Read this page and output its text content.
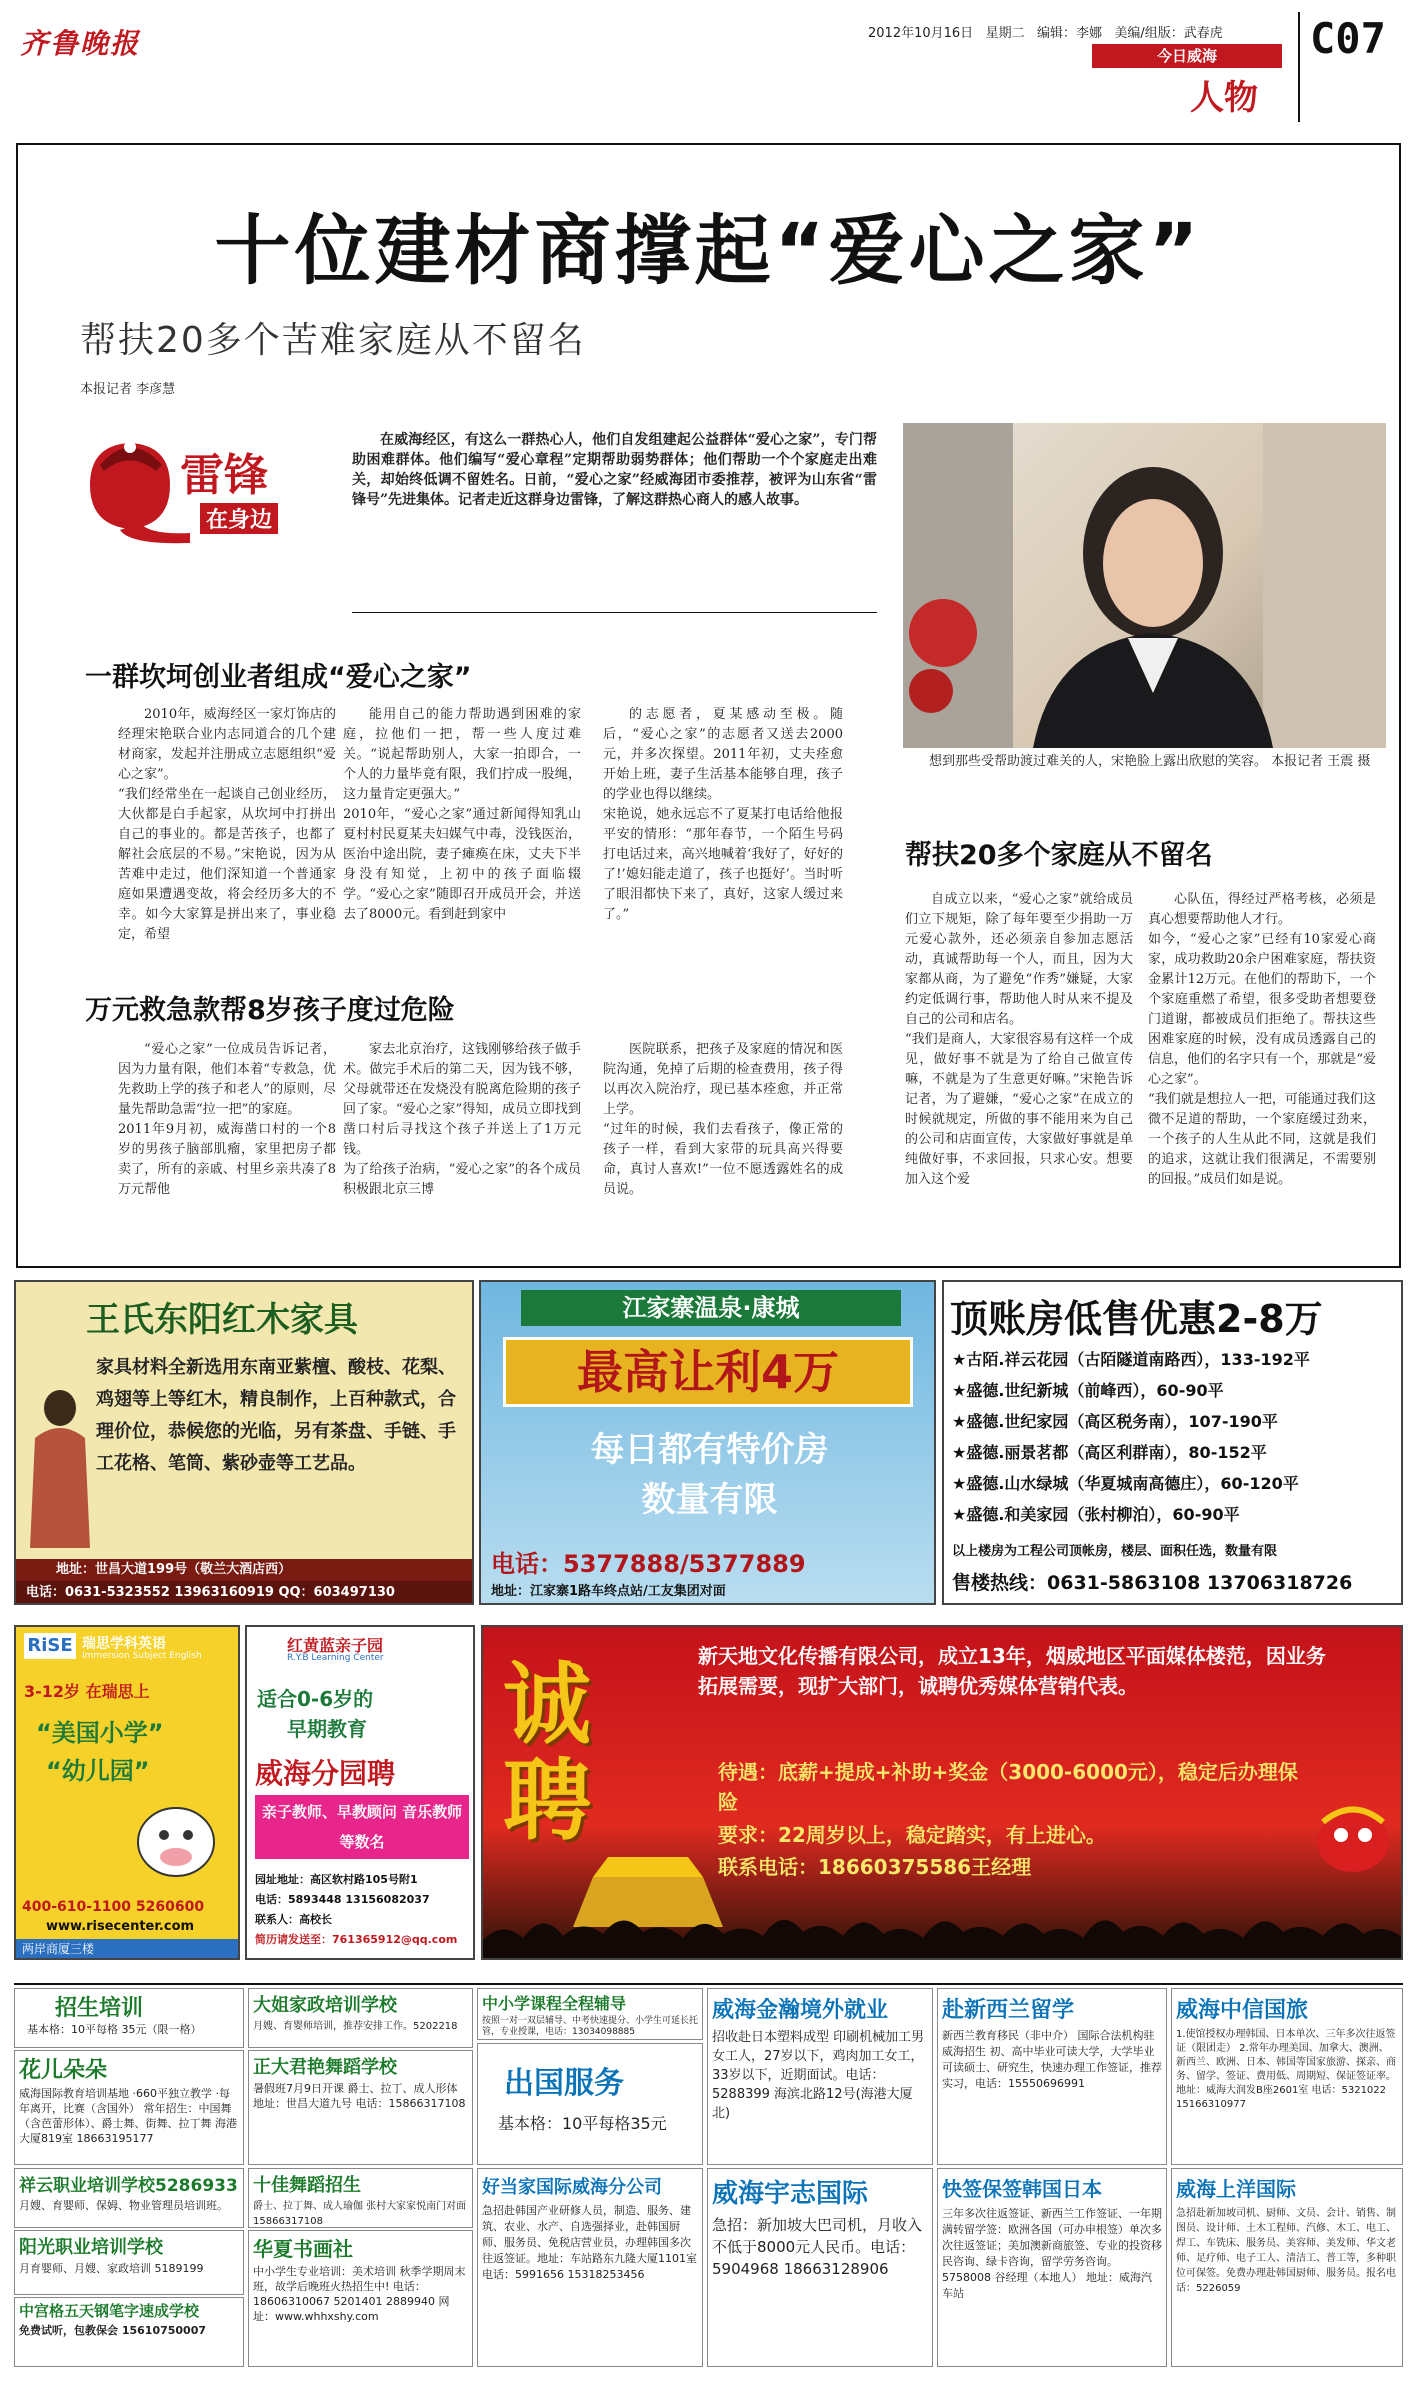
齐鲁晚报	2012年10月16日 星期二 编辑：李娜 美编/组版：武春虎
今日威海
人物
C07
十位建材商撑起“爱心之家”
帮扶20多个苦难家庭从不留名
本报记者 李彦慧
雷锋
在身边
在威海经区，有这么一群热心人，他们自发组建起公益群体“爱心之家”，专门帮助困难群体。他们编写“爱心章程”定期帮助弱势群体；他们帮助一个个家庭走出难关，却始终低调不留姓名。日前，“爱心之家”经威海团市委推荐，被评为山东省“雷锋号”先进集体。记者走近这群身边雷锋，了解这群热心商人的感人故事。
想到那些受帮助渡过难关的人，宋艳脸上露出欣慰的笑容。 本报记者 王震 摄
一群坎坷创业者组成“爱心之家”
2010年，威海经区一家灯饰店的经理宋艳联合业内志同道合的几个建材商家，发起并注册成立志愿组织“爱心之家”。
“我们经常坐在一起谈自己创业经历，大伙都是白手起家，从坎坷中打拼出自己的事业的。都是苦孩子，也都了解社会底层的不易。”宋艳说，因为从苦难中走过，他们深知道一个普通家庭如果遭遇变故，将会经历多大的不幸。如今大家算是拼出来了，事业稳定，希望
能用自己的能力帮助遇到困难的家庭，拉他们一把，帮一些人度过难关。“说起帮助别人，大家一拍即合，一个人的力量毕竟有限，我们拧成一股绳，这力量肯定更强大。”
2010年，“爱心之家”通过新闻得知乳山夏村村民夏某夫妇媒气中毒，没钱医治，医治中途出院，妻子瘫痪在床，丈夫下半身没有知觉，上初中的孩子面临辍学。“爱心之家”随即召开成员开会，并送去了8000元。看到赶到家中
的志愿者，夏某感动至极。随后，“爱心之家”的志愿者又送去2000元，并多次探望。2011年初，丈夫痊愈开始上班，妻子生活基本能够自理，孩子的学业也得以继续。
宋艳说，她永远忘不了夏某打电话给他报平安的情形：“那年春节，一个陌生号码打电话过来，高兴地喊着‘我好了，好好的了!’媳妇能走道了，孩子也挺好’。当时听了眼泪都快下来了，真好，这家人缓过来了。”
万元救急款帮8岁孩子度过危险
“爱心之家”一位成员告诉记者，因为力量有限，他们本着“专救急，优先救助上学的孩子和老人”的原则，尽量先帮助急需“拉一把”的家庭。
2011年9月初，威海凿口村的一个8岁的男孩子脑部肌瘤，家里把房子都卖了，所有的亲戚、村里乡亲共凑了8万元帮他
家去北京治疗，这钱刚够给孩子做手术。做完手术后的第二天，因为钱不够，父母就带还在发烧没有脱离危险期的孩子回了家。“爱心之家”得知，成员立即找到凿口村后寻找这个孩子并送上了1万元钱。
为了给孩子治病，“爱心之家”的各个成员积极跟北京三博
医院联系，把孩子及家庭的情况和医院沟通，免掉了后期的检查费用，孩子得以再次入院治疗，现已基本痊愈，并正常上学。
“过年的时候，我们去看孩子，像正常的孩子一样，看到大家带的玩具高兴得要命，真讨人喜欢!”一位不愿透露姓名的成员说。
帮扶20多个家庭从不留名
自成立以来，“爱心之家”就给成员们立下规矩，除了每年要至少捐助一万元爱心款外，还必须亲自参加志愿活动，真诚帮助每一个人，而且，因为大家都从商，为了避免“作秀”嫌疑，大家约定低调行事，帮助他人时从来不提及自己的公司和店名。
“我们是商人，大家很容易有这样一个成见，做好事不就是为了给自己做宣传嘛，不就是为了生意更好嘛。”宋艳告诉记者，为了避嫌，“爱心之家”在成立的时候就规定，所做的事不能用来为自己的公司和店面宣传，大家做好事就是单纯做好事，不求回报，只求心安。想要加入这个爱
心队伍，得经过严格考核，必须是真心想要帮助他人才行。
如今，“爱心之家”已经有10家爱心商家，成功救助20余户困难家庭，帮扶资金累计12万元。在他们的帮助下，一个个家庭重燃了希望，很多受助者想要登门道谢，都被成员们拒绝了。帮扶这些困难家庭的时候，没有成员透露自己的信息，他们的名字只有一个，那就是“爱心之家”。
“我们就是想拉人一把，可能通过我们这微不足道的帮助，一个家庭缓过劲来，一个孩子的人生从此不同，这就是我们的追求，这就让我们很满足，不需要别的回报。”成员们如是说。
王氏东阳红木家具
家具材料全新选用东南亚紫檀、酸枝、花梨、鸡翅等上等红木，精良制作，上百种款式，合理价位，恭候您的光临，另有茶盘、手链、手工花格、笔筒、紫砂壶等工艺品。
地址：世昌大道199号（敬兰大酒店西）
电话：0631-5323552 13963160919 QQ：603497130
江家寨温泉·康城
最高让利4万
每日都有特价房
数量有限
电话：5377888/5377889
地址：江家寨1路车终点站/工友集团对面
顶账房低售优惠2-8万
★古陌.祥云花园（古陌隧道南路西），133-192平
★盛德.世纪新城（前峰西），60-90平
★盛德.世纪家园（高区税务南），107-190平
★盛德.丽景茗都（高区利群南），80-152平
★盛德.山水绿城（华夏城南高德庄），60-120平
★盛德.和美家园（张村柳泊），60-90平
以上楼房为工程公司顶帐房，楼层、面积任选，数量有限
售楼热线：0631-5863108 13706318726
RiSE 瑞思学科英语
Immersion Subject English
3-12岁 在瑞思上
“美国小学”
“幼儿园”
400-610-1100 5260600
www.risecenter.com
两岸商厦三楼
红黄蓝亲子园
R.Y.B Learning Center
适合0-6岁的
早期教育
威海分园聘
亲子教师、早教顾问 音乐教师等数名
园址地址：高区软村路105号附1
电话：5893448 13156082037
联系人：高校长
简历请发送至：761365912@qq.com
诚聘
新天地文化传播有限公司，成立13年，烟威地区平面媒体楼范，因业务拓展需要，现扩大部门，诚聘优秀媒体营销代表。
待遇：底薪+提成+补助+奖金（3000-6000元），稳定后办理保险
要求：22周岁以上，稳定踏实，有上进心。
联系电话：18660375586王经理
招生培训
基本格：10平每格 35元（限一格）
花儿朵朵
威海国际教育培训基地 ·660平独立教学 ·每年离开，比赛（含国外） 常年招生：中国舞（含芭蕾形体）、爵士舞、街舞、拉丁舞 海港大厦819室 18663195177
祥云职业培训学校5286933
月嫂、育婴师、保姆、物业管理员培训班。
阳光职业培训学校
月育婴师、月嫂、家政培训 5189199
中宫格五天钢笔字速成学校
免费试听，包教保会 15610750007
大姐家政培训学校
月嫂、育婴师培训，推荐安排工作。5202218
正大君艳舞蹈学校
暑假班7月9日开课 爵士、拉丁、成人形体 地址：世昌大道九号 电话：15866317108
十佳舞蹈招生
爵士、拉丁舞、成人瑜伽 张村大家家悦南门对面 15866317108
华夏书画社
中小学生专业培训：美术培训 秋季学期周末班，故学后晚班火热招生中! 电话：18606310067 5201401 2889940 网址：www.whhxshy.com
中小学课程全程辅导
按照一对一双层辅导、中考快速提分、小学生可延长托管，专业授课，电话：13034098885
出国服务
基本格：10平每格35元
好当家国际威海分公司
急招赴韩国产业研修人员，制造、服务、建筑、农业、水产、自选强择业，赴韩国厨师、服务员、免税店营业员，办理韩国多次往返签证。地址：车站路东九隆大厦1101室 电话：5991656 15318253456
威海金瀚境外就业
招收赴日本塑料成型 印刷机械加工男女工人，27岁以下，鸡肉加工女工，33岁以下，近期面试。电话：5288399 海滨北路12号(海港大厦北)
威海宇志国际
急招：新加坡大巴司机，月收入不低于8000元人民币。电话：5904968 18663128906
赴新西兰留学
新西兰教育移民（非中介） 国际合法机构驻威海招生 初、高中毕业可读大学，大学毕业可读硕士、研究生，快速办理工作签证，推荐实习，电话：15550696991
快签保签韩国日本
三年多次往返签证、新西兰工作签证、一年期满转留学签：欧洲各国（可办申根签）单次多次往返签证；美加澳新商旅签、专业的投资移民咨询、绿卡咨询，留学劳务咨询。5758008 谷经理（本地人） 地址：威海汽车站
威海中信国旅
1.使馆授权办理韩国、日本单次、三年多次往返签证（限团走） 2.常年办理美国、加拿大、澳洲、新西兰、欧洲、日本、韩国等国家旅游、探亲、商务、留学、签证、费用低、周期短、保证签证率。地址：威海大润发B座2601室 电话：5321022 15166310977
威海上洋国际
急招赴新加坡司机、厨师、文员、会计、销售、制图员、设计师、土木工程师、汽修、木工、电工、焊工、车铣床、服务员、美容师、美发师、华文老师、足疗师、电子工人、清洁工、普工等，多种职位可保签。免费办理赴韩国厨师、服务员。报名电话：5226059
